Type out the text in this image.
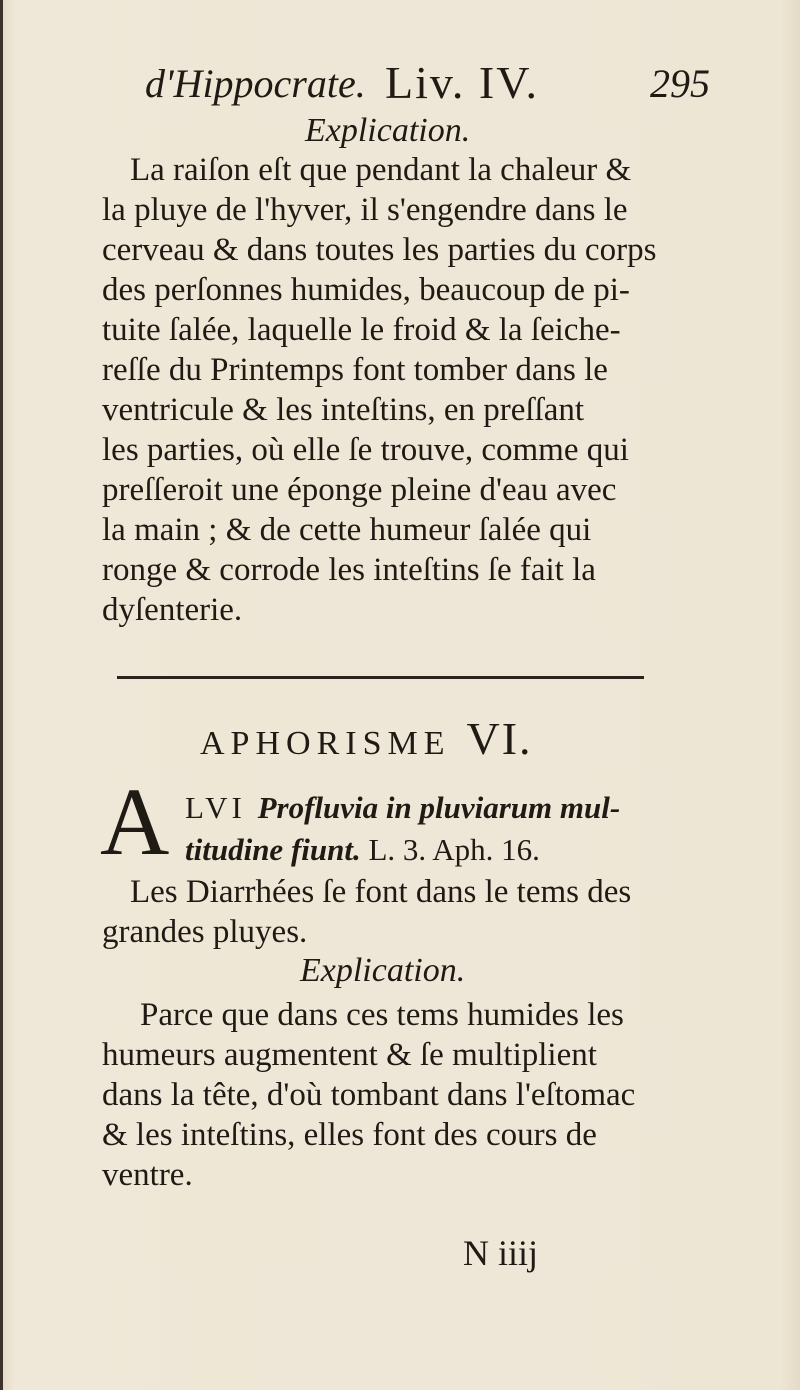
d'Hippocrate. Liv. IV.	295
Explication.
La raiſon eſt que pendant la chaleur &
la pluye de l'hyver, il s'engendre dans le
cerveau & dans toutes les parties du corps
des perſonnes humides, beaucoup de pi-
tuite ſalée, laquelle le froid & la ſeiche-
reſſe du Printemps font tomber dans le
ventricule & les inteſtins, en preſſant
les parties, où elle ſe trouve, comme qui
preſſeroit une éponge pleine d'eau avec
la main ; & de cette humeur ſalée qui
ronge & corrode les inteſtins ſe fait la
dyſenterie.
APHORISME VI.
A LVI Profluvia in pluviarum mul-
titudine fiunt. L. 3. Aph. 16.
Les Diarrhées ſe font dans le tems des
grandes pluyes.
Explication.
Parce que dans ces tems humides les
humeurs augmentent & ſe multiplient
dans la tête, d'où tombant dans l'eſtomac
& les inteſtins, elles font des cours de
ventre.
N iiij
